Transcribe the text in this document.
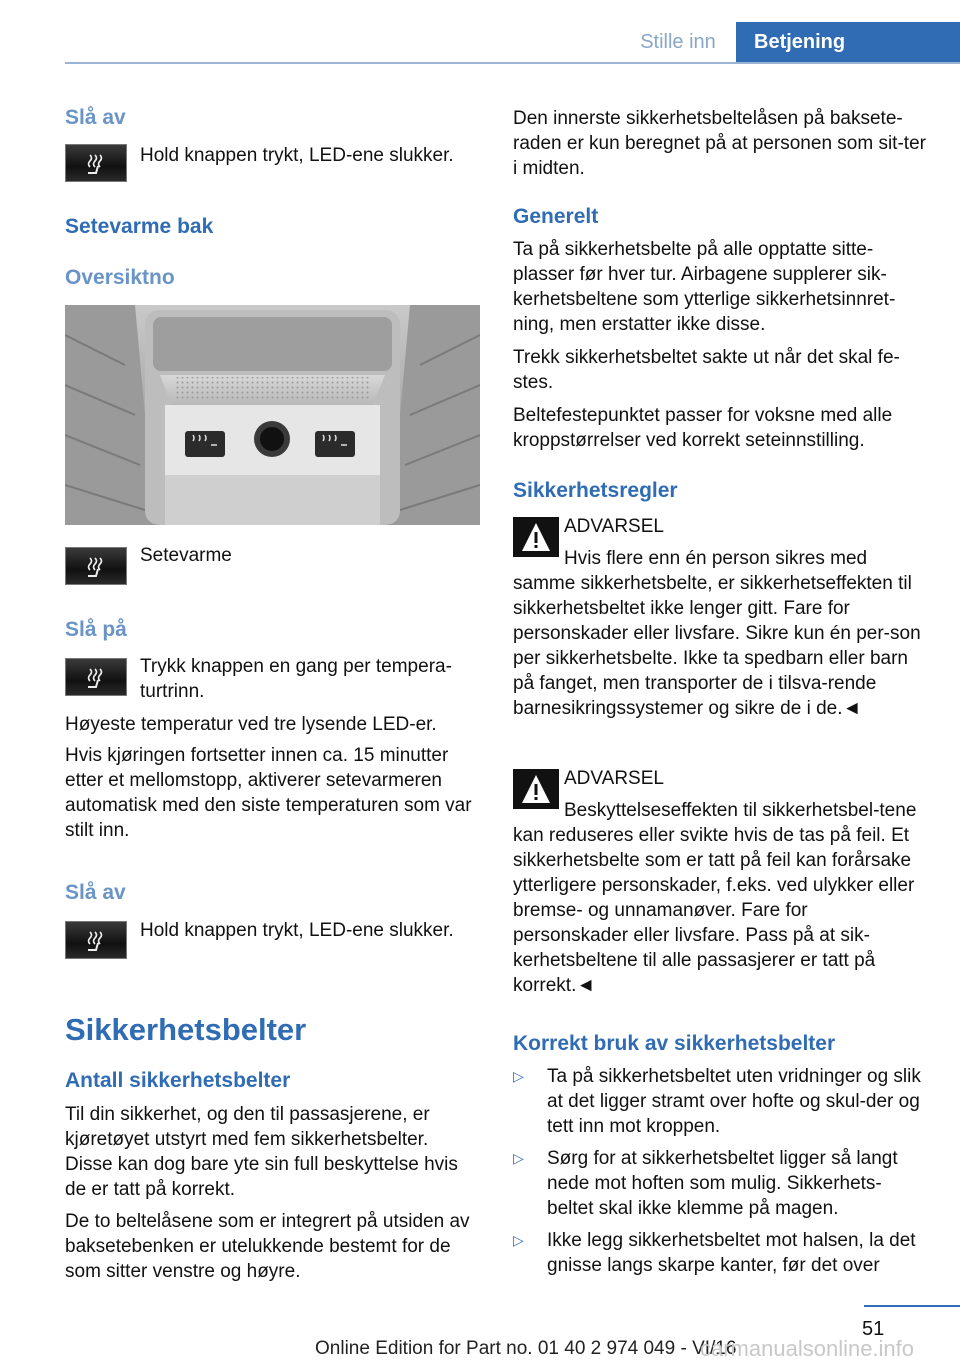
Stille inn	Betjening
Slå av
Hold knappen trykt, LED-ene slukker.
Setevarme bak
Oversiktno
Setevarme
Slå på
Trykk knappen en gang per tempera‐turtrinn.
Høyeste temperatur ved tre lysende LED-er.
Hvis kjøringen fortsetter innen ca. 15 minutter etter et mellomstopp, aktiverer setevarmeren automatisk med den siste temperaturen som var stilt inn.
Slå av
Hold knappen trykt, LED-ene slukker.
Sikkerhetsbelter
Antall sikkerhetsbelter
Til din sikkerhet, og den til passasjerene, er kjøretøyet utstyrt med fem sikkerhetsbelter. Disse kan dog bare yte sin full beskyttelse hvis de er tatt på korrekt.
De to beltelåsene som er integrert på utsiden av baksetebenken er utelukkende bestemt for de som sitter venstre og høyre.
Den innerste sikkerhetsbeltelåsen på baksete‐raden er kun beregnet på at personen som sit‐ter i midten.
Generelt
Ta på sikkerhetsbelte på alle opptatte sitte‐plasser før hver tur. Airbagene supplerer sik‐kerhetsbeltene som ytterlige sikkerhetsinnret‐ning, men erstatter ikke disse.
Trekk sikkerhetsbeltet sakte ut når det skal fe‐stes.
Beltefestepunktet passer for voksne med alle kroppstørrelser ved korrekt seteinnstilling.
Sikkerhetsregler
ADVARSEL
Hvis flere enn én person sikres med samme sikkerhetsbelte, er sikkerhetseffekten til sikkerhetsbeltet ikke lenger gitt. Fare for personskader eller livsfare. Sikre kun én per‐son per sikkerhetsbelte. Ikke ta spedbarn eller barn på fanget, men transporter de i tilsva‐rende barnesikringssystemer og sikre de i de.◄
ADVARSEL
Beskyttelseseffekten til sikkerhetsbel‐tene kan reduseres eller svikte hvis de tas på feil. Et sikkerhetsbelte som er tatt på feil kan forårsake ytterligere personskader, f.eks. ved ulykker eller bremse- og unnamanøver. Fare for personskader eller livsfare. Pass på at sik‐kerhetsbeltene til alle passasjerer er tatt på korrekt.◄
Korrekt bruk av sikkerhetsbelter
▷ Ta på sikkerhetsbeltet uten vridninger og slik at det ligger stramt over hofte og skul‐der og tett inn mot kroppen.
▷ Sørg for at sikkerhetsbeltet ligger så langt nede mot hoften som mulig. Sikkerhets‐beltet skal ikke klemme på magen.
▷ Ikke legg sikkerhetsbeltet mot halsen, la det gnisse langs skarpe kanter, før det over
51
Online Edition for Part no. 01 40 2 974 049 - VI/16
carmanualsonline.info
